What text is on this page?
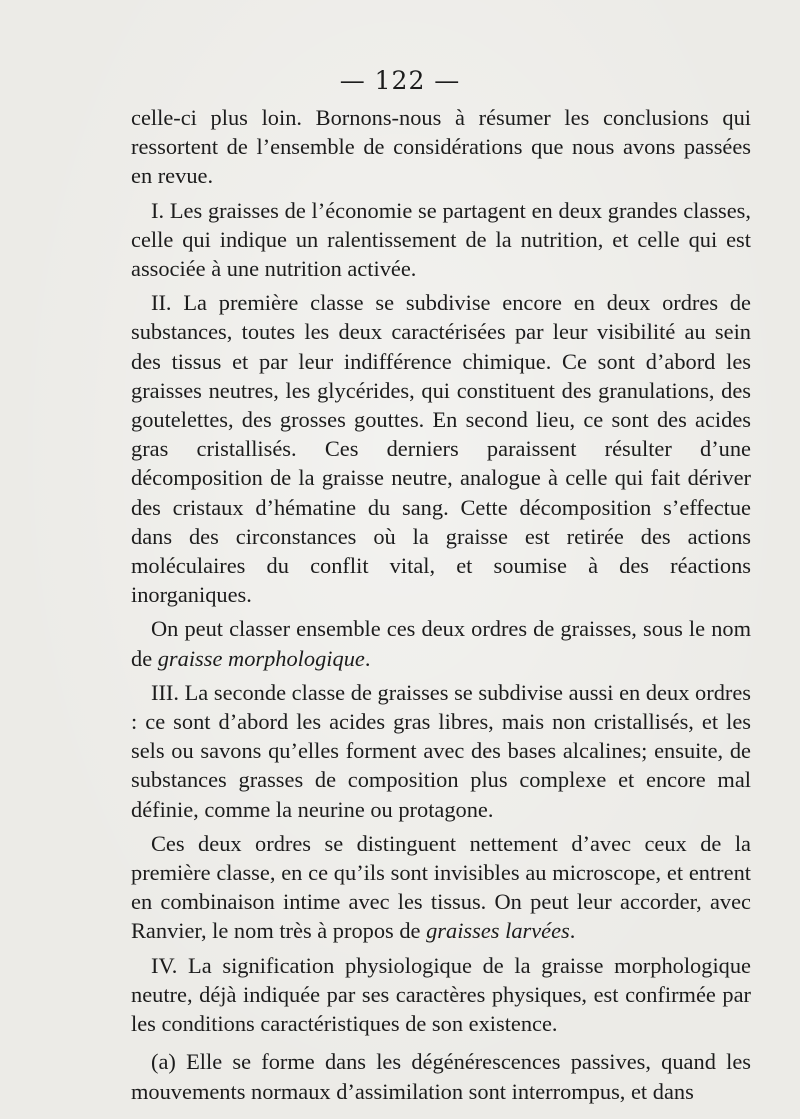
— 122 —

celle-ci plus loin. Bornons-nous à résumer les conclusions qui ressortent de l’ensemble de considérations que nous avons passées en revue.

I. Les graisses de l’économie se partagent en deux grandes classes, celle qui indique un ralentissement de la nutrition, et celle qui est associée à une nutrition activée.

II. La première classe se subdivise encore en deux ordres de substances, toutes les deux caractérisées par leur visibilité au sein des tissus et par leur indifférence chimique. Ce sont d’abord les graisses neutres, les glycérides, qui constituent des granulations, des goutelettes, des grosses gouttes. En second lieu, ce sont des acides gras cristallisés. Ces derniers paraissent résulter d’une décomposition de la graisse neutre, analogue à celle qui fait dériver des cristaux d’hématine du sang. Cette décomposition s’effectue dans des circonstances où la graisse est retirée des actions moléculaires du conflit vital, et soumise à des réactions inorganiques.

On peut classer ensemble ces deux ordres de graisses, sous le nom de graisse morphologique.

III. La seconde classe de graisses se subdivise aussi en deux ordres : ce sont d’abord les acides gras libres, mais non cristallisés, et les sels ou savons qu’elles forment avec des bases alcalines; ensuite, de substances grasses de composition plus complexe et encore mal définie, comme la neurine ou protagone.

Ces deux ordres se distinguent nettement d’avec ceux de la première classe, en ce qu’ils sont invisibles au microscope, et entrent en combinaison intime avec les tissus. On peut leur accorder, avec Ranvier, le nom très à propos de graisses larvées.

IV. La signification physiologique de la graisse morphologique neutre, déjà indiquée par ses caractères physiques, est confirmée par les conditions caractéristiques de son existence.

(a) Elle se forme dans les dégénérescences passives, quand les mouvements normaux d’assimilation sont interrompus, et dans
